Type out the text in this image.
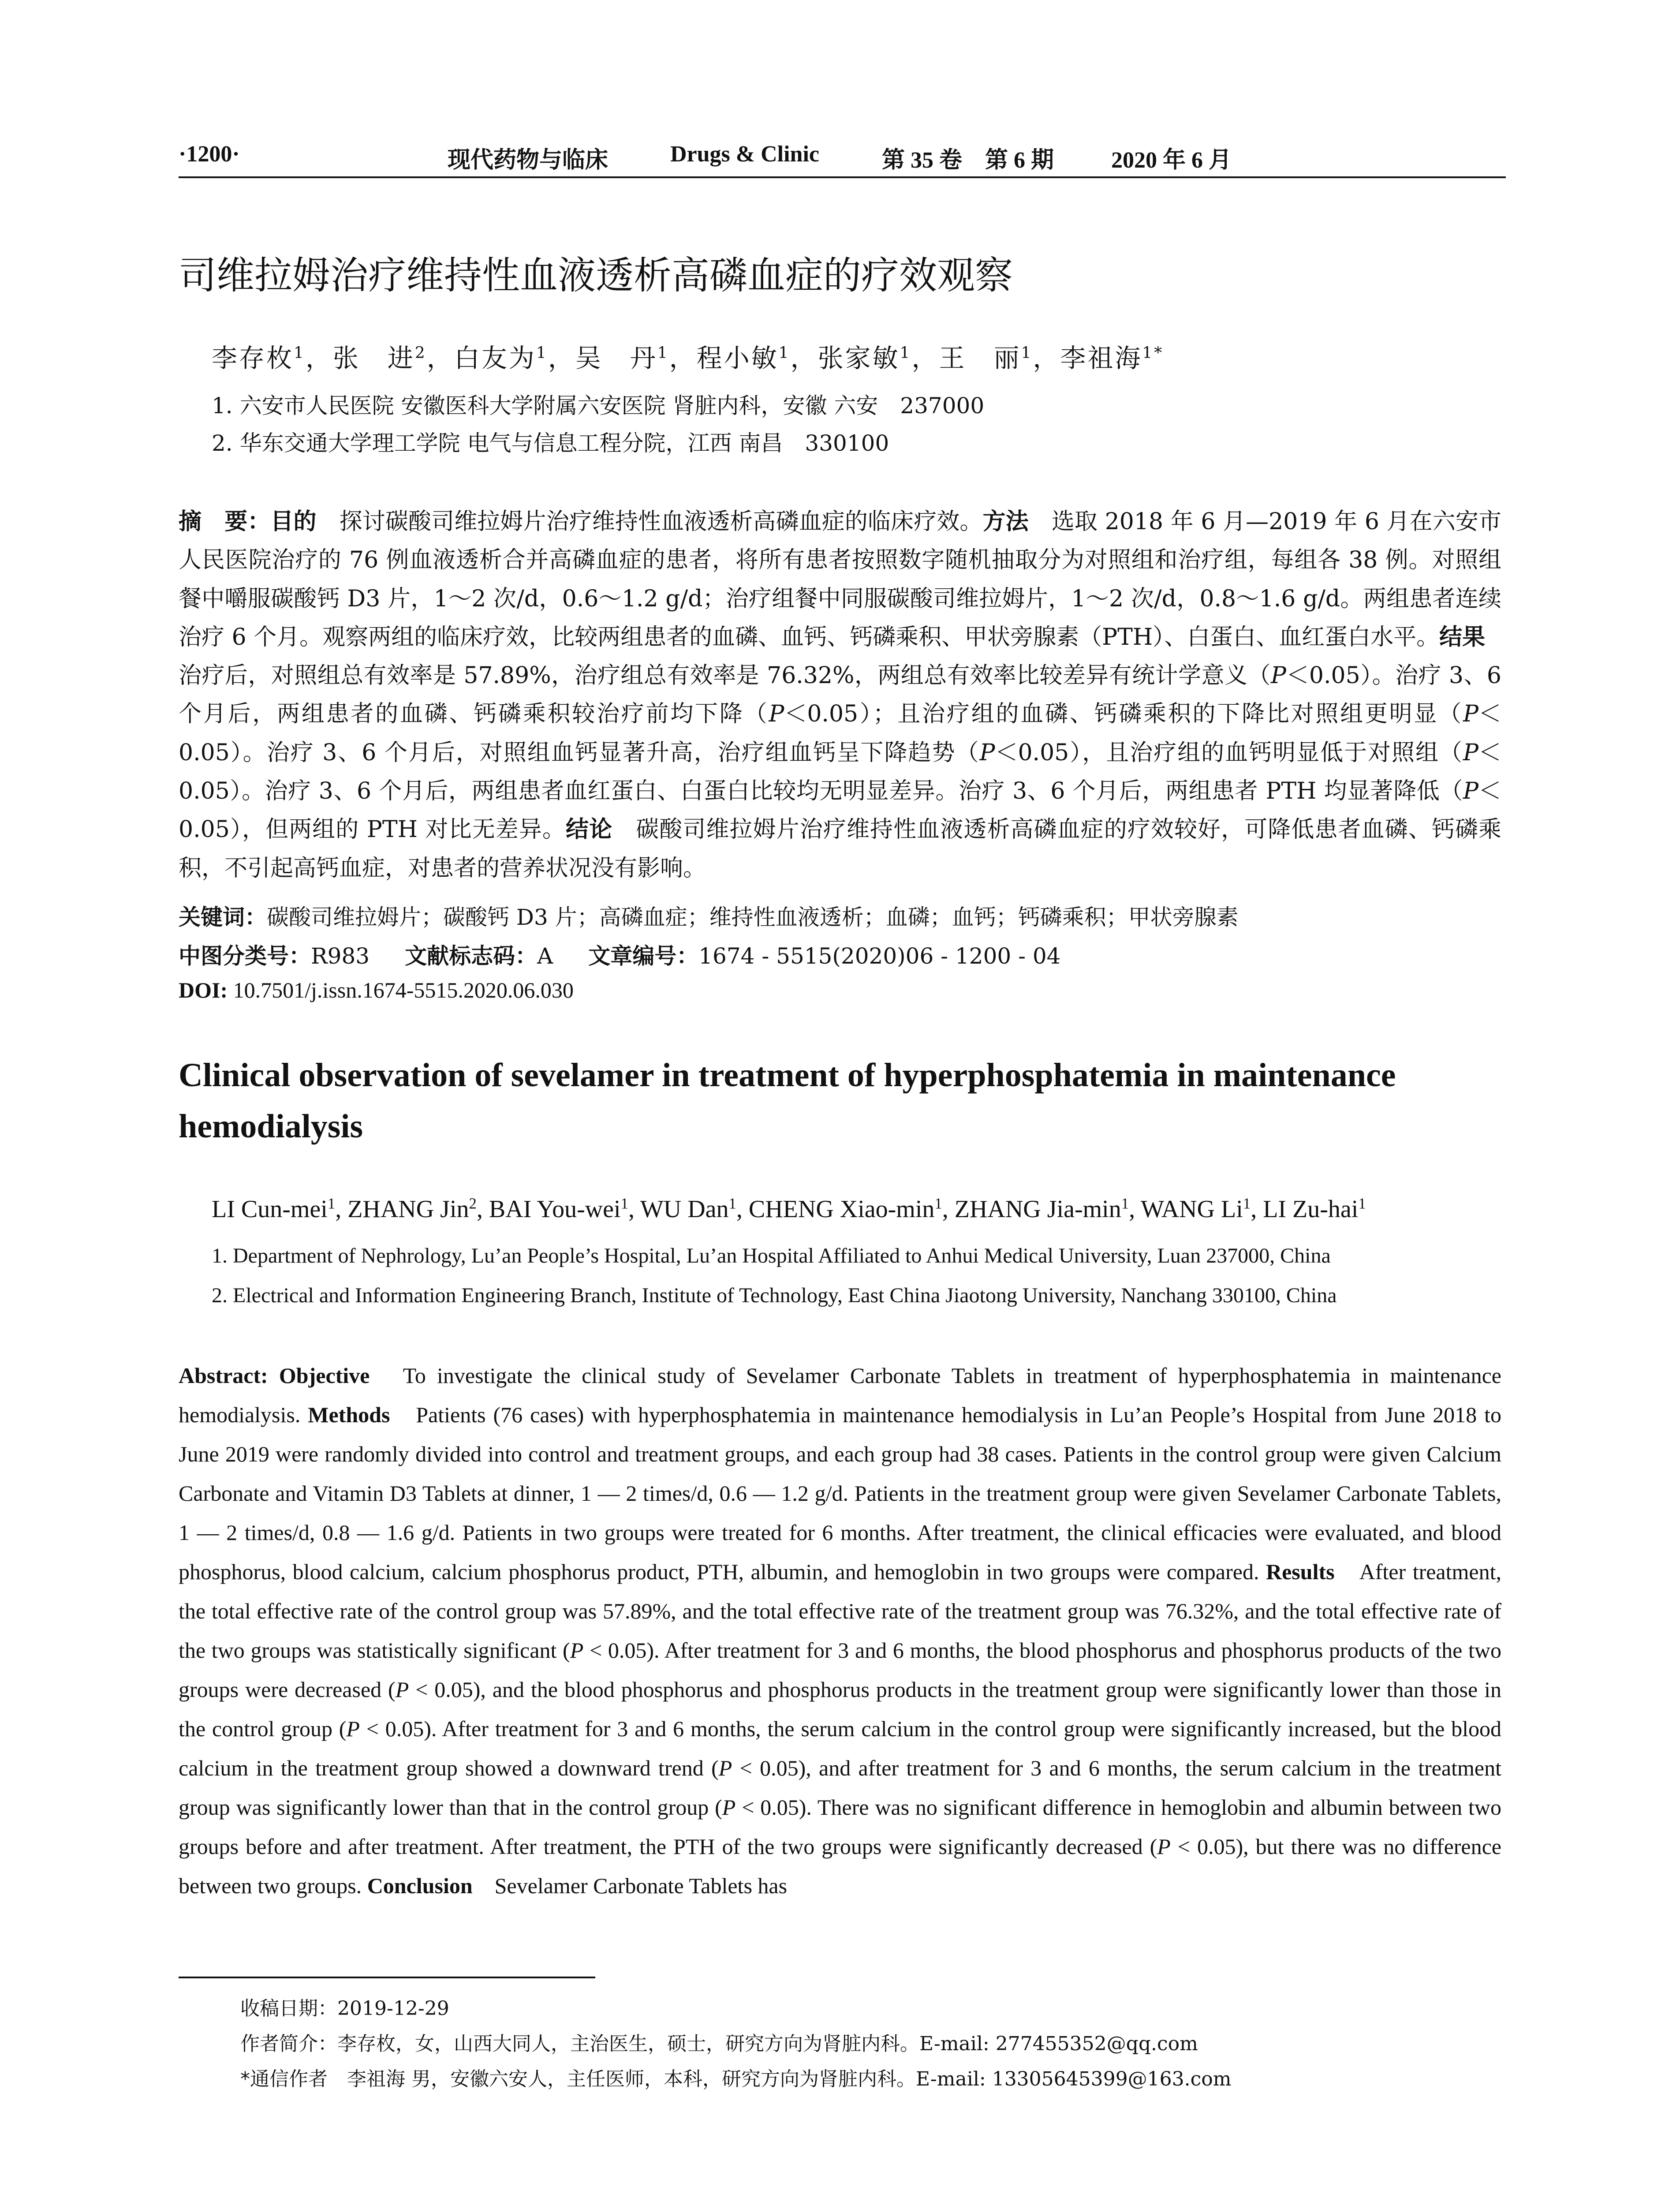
·1200·	现代药物与临床	Drugs & Clinic	第 35 卷　第 6 期 2020 年 6 月
司维拉姆治疗维持性血液透析高磷血症的疗效观察
李存枚$^1$，张　进$^2$，白友为$^1$，吴　丹$^1$，程小敏$^1$，张家敏$^1$，王　丽$^1$，李祖海$^{1*}$
1. 六安市人民医院 安徽医科大学附属六安医院 肾脏内科，安徽 六安　237000
2. 华东交通大学理工学院 电气与信息工程分院，江西 南昌　330100
摘　要：目的　探讨碳酸司维拉姆片治疗维持性血液透析高磷血症的临床疗效。方法　选取 2018 年 6 月—2019 年 6 月在六安市人民医院治疗的 76 例血液透析合并高磷血症的患者，将所有患者按照数字随机抽取分为对照组和治疗组，每组各 38 例。对照组餐中嚼服碳酸钙 D3 片，1～2 次/d，0.6～1.2 g/d；治疗组餐中同服碳酸司维拉姆片，1～2 次/d，0.8～1.6 g/d。两组患者连续治疗 6 个月。观察两组的临床疗效，比较两组患者的血磷、血钙、钙磷乘积、甲状旁腺素（PTH）、白蛋白、血红蛋白水平。结果　治疗后，对照组总有效率是 57.89%，治疗组总有效率是 76.32%，两组总有效率比较差异有统计学意义（P＜0.05）。治疗 3、6 个月后，两组患者的血磷、钙磷乘积较治疗前均下降（P＜0.05）；且治疗组的血磷、钙磷乘积的下降比对照组更明显（P＜0.05）。治疗 3、6 个月后，对照组血钙显著升高，治疗组血钙呈下降趋势（P＜0.05），且治疗组的血钙明显低于对照组（P＜0.05）。治疗 3、6 个月后，两组患者血红蛋白、白蛋白比较均无明显差异。治疗 3、6 个月后，两组患者 PTH 均显著降低（P＜0.05），但两组的 PTH 对比无差异。结论　碳酸司维拉姆片治疗维持性血液透析高磷血症的疗效较好，可降低患者血磷、钙磷乘积，不引起高钙血症，对患者的营养状况没有影响。
关键词：碳酸司维拉姆片；碳酸钙 D3 片；高磷血症；维持性血液透析；血磷；血钙；钙磷乘积；甲状旁腺素
中图分类号：R983 文献标志码：A 文章编号：1674 - 5515(2020)06 - 1200 - 04
DOI: 10.7501/j.issn.1674-5515.2020.06.030
Clinical observation of sevelamer in treatment of hyperphosphatemia in maintenance
hemodialysis
LI Cun-mei$^1$, ZHANG Jin$^2$, BAI You-wei$^1$, WU Dan$^1$, CHENG Xiao-$\min^1$, ZHANG Jia-$\min^1$, WANG Li$^1$, LI Zu-hai$^1$
1. Department of Nephrology, Lu’an People’s Hospital, Lu’an Hospital Affiliated to Anhui Medical University, Luan 237000, China
2. Electrical and Information Engineering Branch, Institute of Technology, East China Jiaotong University, Nanchang 330100, China
Abstract: Objective　To investigate the clinical study of Sevelamer Carbonate Tablets in treatment of hyperphosphatemia in maintenance hemodialysis. Methods　Patients (76 cases) with hyperphosphatemia in maintenance hemodialysis in Lu’an People’s Hospital from June 2018 to June 2019 were randomly divided into control and treatment groups, and each group had 38 cases. Patients in the control group were given Calcium Carbonate and Vitamin D3 Tablets at dinner, 1 — 2 times/d, 0.6 — 1.2 g/d. Patients in the treatment group were given Sevelamer Carbonate Tablets, 1 — 2 times/d, 0.8 — 1.6 g/d. Patients in two groups were treated for 6 months. After treatment, the clinical efficacies were evaluated, and blood phosphorus, blood calcium, calcium phosphorus product, PTH, albumin, and hemoglobin in two groups were compared. Results　After treatment, the total effective rate of the control group was 57.89%, and the total effective rate of the treatment group was 76.32%, and the total effective rate of the two groups was statistically significant (P < 0.05). After treatment for 3 and 6 months, the blood phosphorus and phosphorus products of the two groups were decreased (P < 0.05), and the blood phosphorus and phosphorus products in the treatment group were significantly lower than those in the control group (P < 0.05). After treatment for 3 and 6 months, the serum calcium in the control group were significantly increased, but the blood calcium in the treatment group showed a downward trend (P < 0.05), and after treatment for 3 and 6 months, the serum calcium in the treatment group was significantly lower than that in the control group (P < 0.05). There was no significant difference in hemoglobin and albumin between two groups before and after treatment. After treatment, the PTH of the two groups were significantly decreased (P < 0.05), but there was no difference between two groups. Conclusion　Sevelamer Carbonate Tablets has
收稿日期：2019-12-29
作者简介：李存枚，女，山西大同人，主治医生，硕士，研究方向为肾脏内科。E-mail: 277455352@qq.com
*通信作者　李祖海 男，安徽六安人，主任医师，本科，研究方向为肾脏内科。E-mail: 13305645399@163.com
